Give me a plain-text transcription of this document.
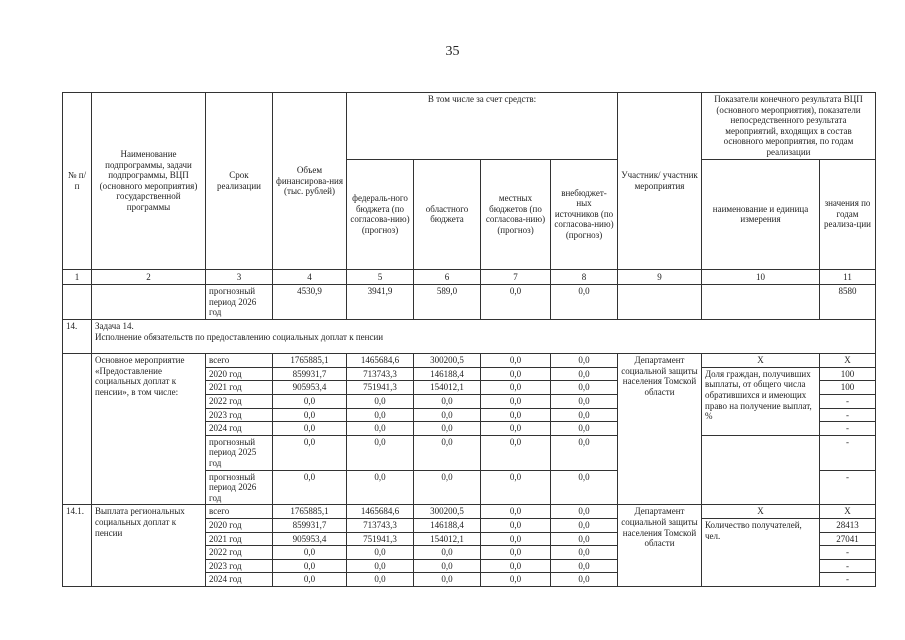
35
№ п/п	Наименование подпрограммы, задачи подпрограммы, ВЦП (основного мероприятия) государственной программы	Срок реализации	Объем финансирова-ния (тыс. рублей)	В том числе за счет средств:				Участник/ участник мероприятия	Показатели конечного результата ВЦП (основного мероприятия), показатели непосредственного результата мероприятий, входящих в состав основного мероприятия, по годам реализации	
				федераль-ного бюджета (по согласова-нию) (прогноз)	областного бюджета	местных бюджетов (по согласова-нию) (прогноз)	внебюджет-ных источников (по согласова-нию) (прогноз)		наименование и единица измерения	значения по годам реализа-ции
1	2	3	4	5	6	7	8	9	10	11
		прогнозный период 2026 год	4530,9	3941,9	589,0	0,0	0,0			8580
14.	Задача 14.
Исполнение обязательств по предоставлению социальных доплат к пенсии									

	Основное мероприятие «Предоставление социальных доплат к пенсии», в том числе:	всего	1765885,1	1465684,6	300200,5	0,0	0,0	Департамент социальной защиты населения Томской области	Х	Х
		2020 год	859931,7	713743,3	146188,4	0,0	0,0		Доля граждан, получивших выплаты, от общего числа обратившихся и имеющих право на получение выплат, %	100
		2021 год	905953,4	751941,3	154012,1	0,0	0,0			100
		2022 год	0,0	0,0	0,0	0,0	0,0			-
		2023 год	0,0	0,0	0,0	0,0	0,0			-
		2024 год	0,0	0,0	0,0	0,0	0,0			-
		прогнозный период 2025 год	0,0	0,0	0,0	0,0	0,0			-
		прогнозный период 2026 год	0,0	0,0	0,0	0,0	0,0			-
14.1.	Выплата региональных социальных доплат к пенсии	всего	1765885,1	1465684,6	300200,5	0,0	0,0	Департамент социальной защиты населения Томской области	Х	Х
		2020 год	859931,7	713743,3	146188,4	0,0	0,0		Количество получателей, чел.	28413
		2021 год	905953,4	751941,3	154012,1	0,0	0,0			27041
		2022 год	0,0	0,0	0,0	0,0	0,0			-
		2023 год	0,0	0,0	0,0	0,0	0,0			-
		2024 год	0,0	0,0	0,0	0,0	0,0			-
